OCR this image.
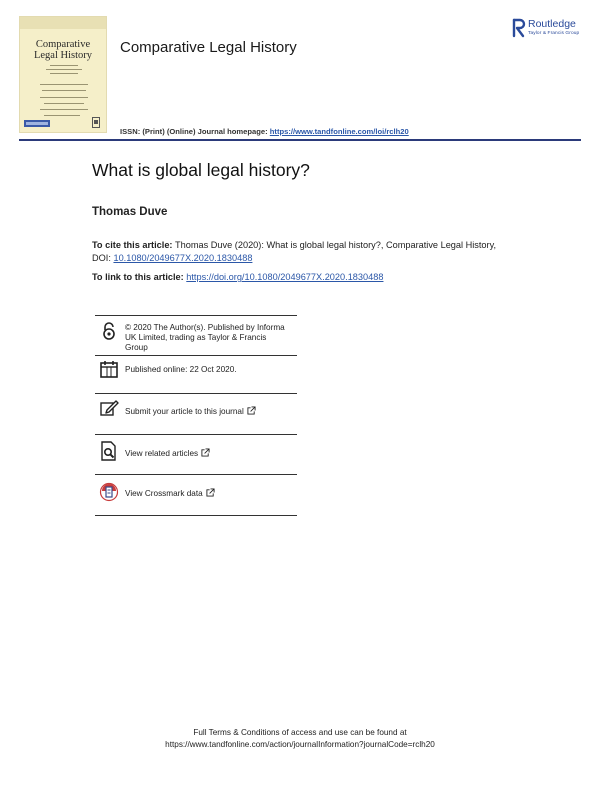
Comparative
Legal History	Comparative Legal History
Routledge
Taylor & Francis Group
ISSN: (Print) (Online) Journal homepage: https://www.tandfonline.com/loi/rclh20
What is global legal history?
Thomas Duve
To cite this article: Thomas Duve (2020): What is global legal history?, Comparative Legal History,
DOI: 10.1080/2049677X.2020.1830488
To link to this article: https://doi.org/10.1080/2049677X.2020.1830488
© 2020 The Author(s). Published by Informa
UK Limited, trading as Taylor & Francis
Group
Published online: 22 Oct 2020.
Submit your article to this journal
View related articles
View Crossmark data
Full Terms & Conditions of access and use can be found at
https://www.tandfonline.com/action/journalInformation?journalCode=rclh20
